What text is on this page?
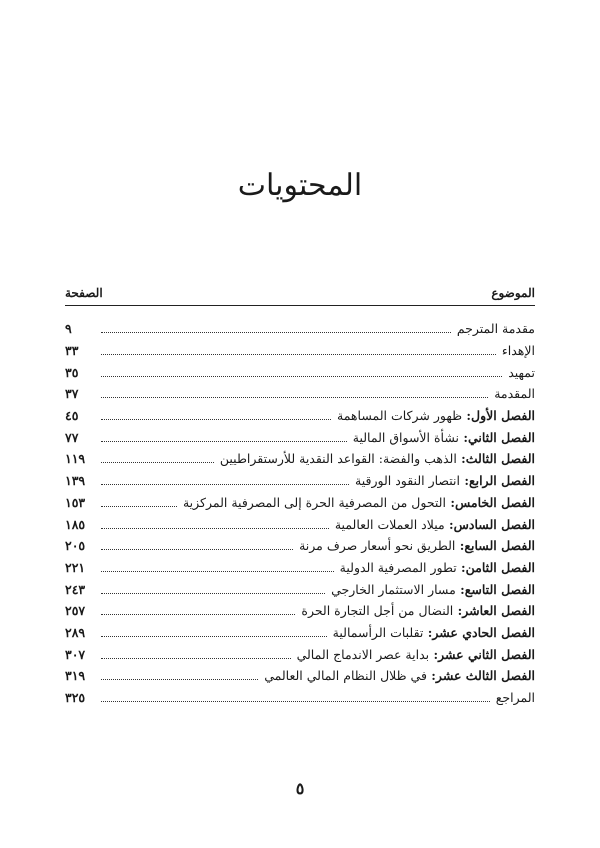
المحتويات
الموضوع
الصفحة
مقدمة المترجم
٩
الإهداء
٣٣
تمهيد
٣٥
المقدمة
٣٧
الفصل الأول
:
ظهور شركات المساهمة
٤٥
الفصل الثاني
:
نشأة الأسواق المالية
٧٧
الفصل الثالث
:
الذهب والفضة: القواعد النقدية للأرستقراطيين
١١٩
الفصل الرابع
:
انتصار النقود الورقية
١٣٩
الفصل الخامس
:
التحول من المصرفية الحرة إلى المصرفية المركزية
١٥٣
الفصل السادس
:
ميلاد العملات العالمية
١٨٥
الفصل السابع
:
الطريق نحو أسعار صرف مرنة
٢٠٥
الفصل الثامن
:
تطور المصرفية الدولية
٢٢١
الفصل التاسع
:
مسار الاستثمار الخارجي
٢٤٣
الفصل العاشر
:
النضال من أجل التجارة الحرة
٢٥٧
الفصل الحادي عشر
:
تقلبات الرأسمالية
٢٨٩
الفصل الثاني عشر
:
بداية عصر الاندماج المالي
٣٠٧
الفصل الثالث عشر
:
في ظلال النظام المالي العالمي
٣١٩
المراجع
٣٢٥
٥
